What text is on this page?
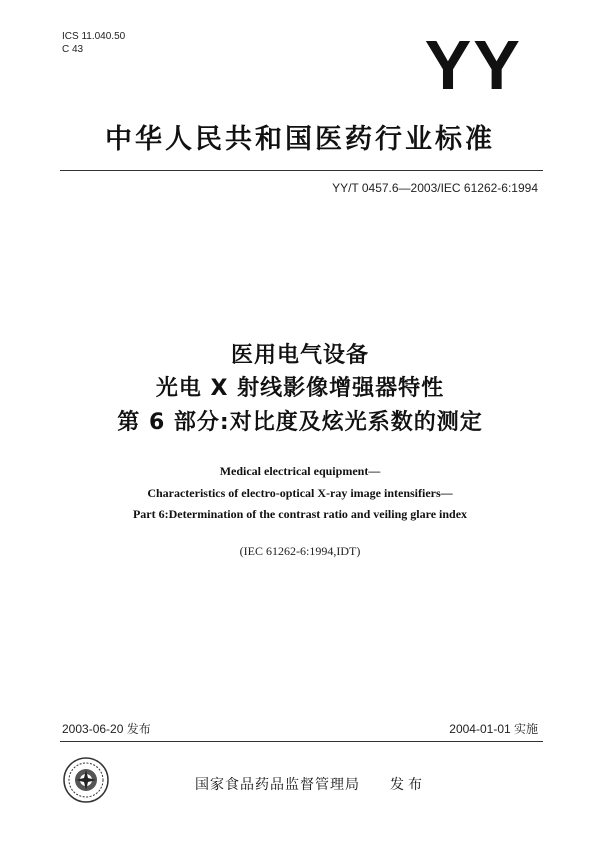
ICS 11.040.50
C 43	YY
中华人民共和国医药行业标准
YY/T 0457.6—2003/IEC 61262-6:1994
医用电气设备
光电 X 射线影像增强器特性
第 6 部分:对比度及炫光系数的测定
Medical electrical equipment—
Characteristics of electro-optical X-ray image intensifiers—
Part 6:Determination of the contrast ratio and veiling glare index
(IEC 61262-6:1994,IDT)
2003-06-20 发布	2004-01-01 实施
国家食品药品监督管理局 发布
